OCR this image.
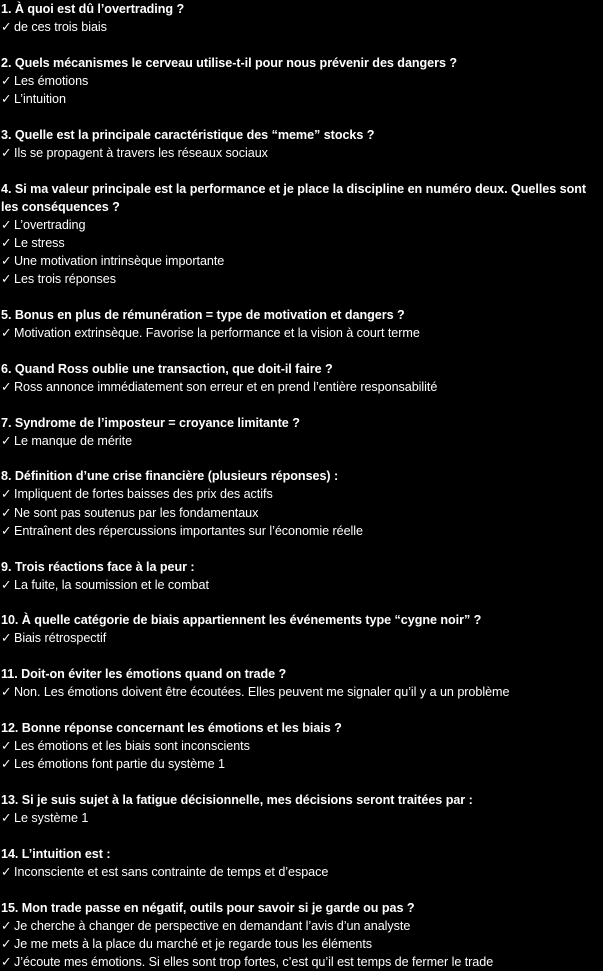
1. À quoi est dû l’overtrading ?

✓ de ces trois biais

2. Quels mécanismes le cerveau utilise-t-il pour nous prévenir des dangers ?

✓ Les émotions

✓ L’intuition

3. Quelle est la principale caractéristique des “meme” stocks ?

✓ Ils se propagent à travers les réseaux sociaux

4. Si ma valeur principale est la performance et je place la discipline en numéro deux. Quelles sont les conséquences ?

✓ L’overtrading

✓ Le stress

✓ Une motivation intrinsèque importante

✓ Les trois réponses

5. Bonus en plus de rémunération = type de motivation et dangers ?

✓ Motivation extrinsèque. Favorise la performance et la vision à court terme

6. Quand Ross oublie une transaction, que doit-il faire ?

✓ Ross annonce immédiatement son erreur et en prend l’entière responsabilité

7. Syndrome de l’imposteur = croyance limitante ?

✓ Le manque de mérite

8. Définition d’une crise financière (plusieurs réponses) :

✓ Impliquent de fortes baisses des prix des actifs

✓ Ne sont pas soutenus par les fondamentaux

✓ Entraînent des répercussions importantes sur l’économie réelle

9. Trois réactions face à la peur :

✓ La fuite, la soumission et le combat

10. À quelle catégorie de biais appartiennent les événements type “cygne noir” ?

✓ Biais rétrospectif

11. Doit-on éviter les émotions quand on trade ?

✓ Non. Les émotions doivent être écoutées. Elles peuvent me signaler qu’il y a un problème

12. Bonne réponse concernant les émotions et les biais ?

✓ Les émotions et les biais sont inconscients

✓ Les émotions font partie du système 1

13. Si je suis sujet à la fatigue décisionnelle, mes décisions seront traitées par :

✓ Le système 1

14. L’intuition est :

✓ Inconsciente et est sans contrainte de temps et d’espace

15. Mon trade passe en négatif, outils pour savoir si je garde ou pas ?

✓ Je cherche à changer de perspective en demandant l’avis d’un analyste

✓ Je me mets à la place du marché et je regarde tous les éléments

✓ J’écoute mes émotions. Si elles sont trop fortes, c’est qu’il est temps de fermer le trade
